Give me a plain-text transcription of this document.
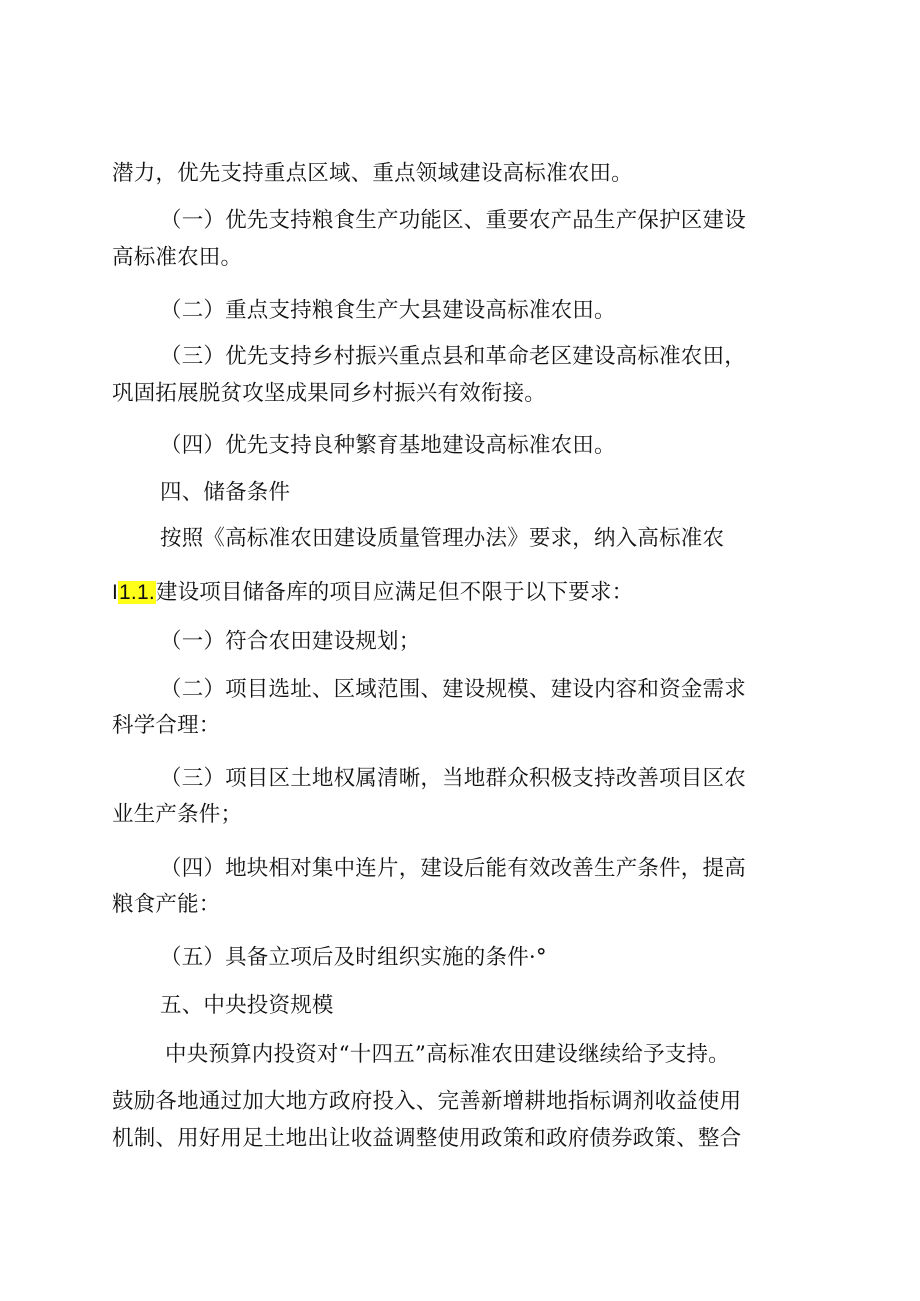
潜力，优先支持重点区域、重点领域建设高标准农田。
（一）优先支持粮食生产功能区、重要农产品生产保护区建设
高标准农田。
（二）重点支持粮食生产大县建设高标准农田。
（三）优先支持乡村振兴重点县和革命老区建设高标准农田，
巩固拓展脱贫攻坚成果同乡村振兴有效衔接。
（四）优先支持良种繁育基地建设高标准农田。
四、储备条件
按照《高标准农田建设质量管理办法》要求，纳入高标准农
I1.1.建设项目储备库的项目应满足但不限于以下要求：
（一）符合农田建设规划；
（二）项目选址、区域范围、建设规模、建设内容和资金需求
科学合理：
（三）项目区土地权属清晰，当地群众积极支持改善项目区农
业生产条件；
（四）地块相对集中连片，建设后能有效改善生产条件，提高
粮食产能：
（五）具备立项后及时组织实施的条件·°
五、中央投资规模
中央预算内投资对“十四五”高标准农田建设继续给予支持。
鼓励各地通过加大地方政府投入、完善新增耕地指标调剂收益使用
机制、用好用足土地出让收益调整使用政策和政府债券政策、整合
